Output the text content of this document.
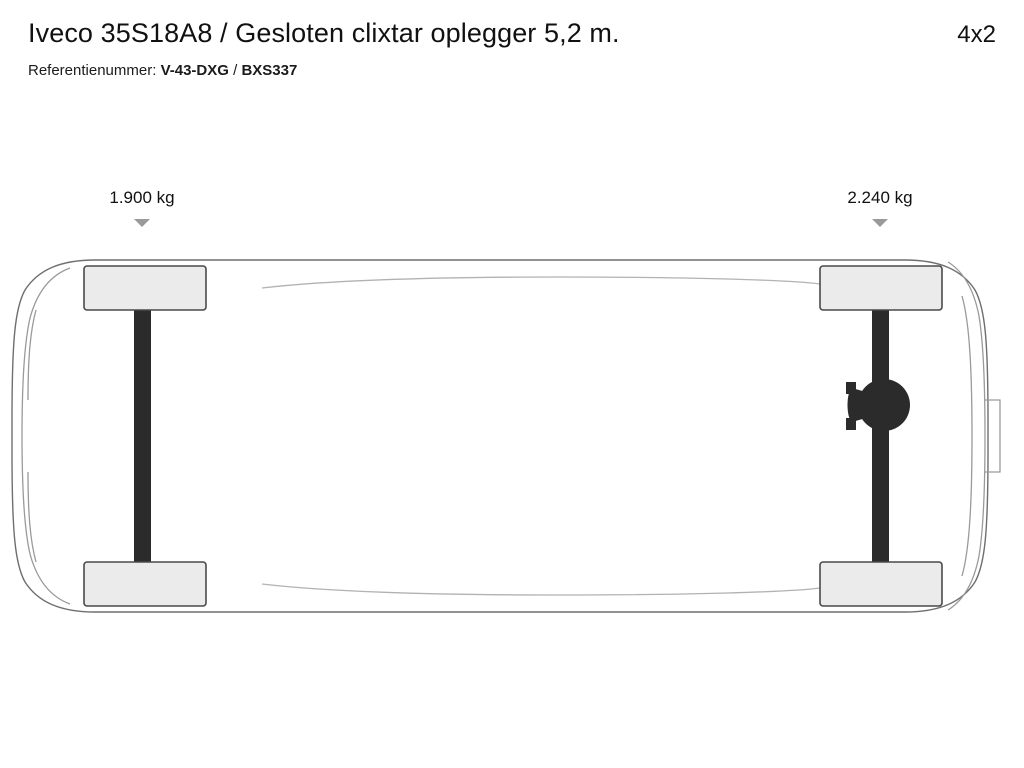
Iveco 35S18A8 / Gesloten clixtar oplegger 5,2 m.	4x2
Referentienummer: V-43-DXG / BXS337
1.900 kg	2.240 kg
